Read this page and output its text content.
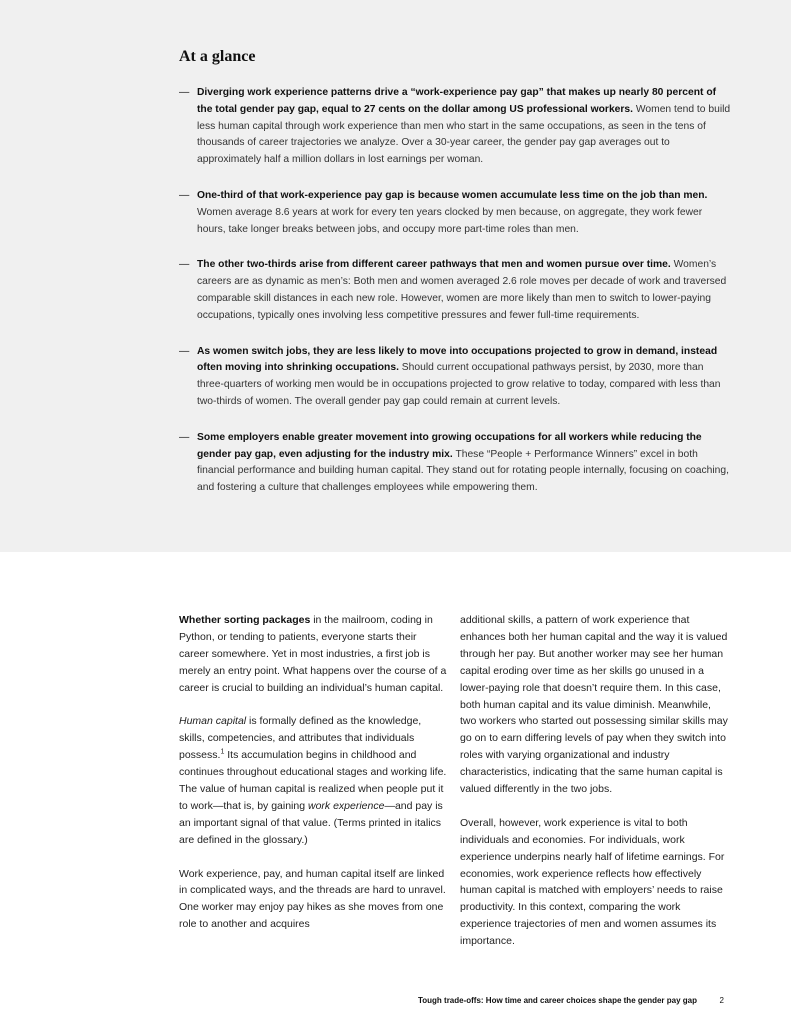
At a glance
— Diverging work experience patterns drive a “work-experience pay gap” that makes up nearly 80 percent of the total gender pay gap, equal to 27 cents on the dollar among US professional workers. Women tend to build less human capital through work experience than men who start in the same occupations, as seen in the tens of thousands of career trajectories we analyze. Over a 30-year career, the gender pay gap averages out to approximately half a million dollars in lost earnings per woman.
— One-third of that work-experience pay gap is because women accumulate less time on the job than men. Women average 8.6 years at work for every ten years clocked by men because, on aggregate, they work fewer hours, take longer breaks between jobs, and occupy more part-time roles than men.
— The other two-thirds arise from different career pathways that men and women pursue over time. Women’s careers are as dynamic as men’s: Both men and women averaged 2.6 role moves per decade of work and traversed comparable skill distances in each new role. However, women are more likely than men to switch to lower-paying occupations, typically ones involving less competitive pressures and fewer full-time requirements.
— As women switch jobs, they are less likely to move into occupations projected to grow in demand, instead often moving into shrinking occupations. Should current occupational pathways persist, by 2030, more than three-quarters of working men would be in occupations projected to grow relative to today, compared with less than two-thirds of women. The overall gender pay gap could remain at current levels.
— Some employers enable greater movement into growing occupations for all workers while reducing the gender pay gap, even adjusting for the industry mix. These “People + Performance Winners” excel in both financial performance and building human capital. They stand out for rotating people internally, focusing on coaching, and fostering a culture that challenges employees while empowering them.

Whether sorting packages in the mailroom, coding in Python, or tending to patients, everyone starts their career somewhere. Yet in most industries, a first job is merely an entry point. What happens over the course of a career is crucial to building an individual’s human capital.

Human capital is formally defined as the knowledge, skills, competencies, and attributes that individuals possess.$^1$ Its accumulation begins in childhood and continues throughout educational stages and working life. The value of human capital is realized when people put it to work—that is, by gaining work experience—and pay is an important signal of that value. (Terms printed in italics are defined in the glossary.)

Work experience, pay, and human capital itself are linked in complicated ways, and the threads are hard to unravel. One worker may enjoy pay hikes as she moves from one role to another and acquires

additional skills, a pattern of work experience that enhances both her human capital and the way it is valued through her pay. But another worker may see her human capital eroding over time as her skills go unused in a lower-paying role that doesn’t require them. In this case, both human capital and its value diminish. Meanwhile, two workers who started out possessing similar skills may go on to earn differing levels of pay when they switch into roles with varying organizational and industry characteristics, indicating that the same human capital is valued differently in the two jobs.

Overall, however, work experience is vital to both individuals and economies. For individuals, work experience underpins nearly half of lifetime earnings. For economies, work experience reflects how effectively human capital is matched with employers’ needs to raise productivity. In this context, comparing the work experience trajectories of men and women assumes its importance.

Tough trade-offs: How time and career choices shape the gender pay gap	2
